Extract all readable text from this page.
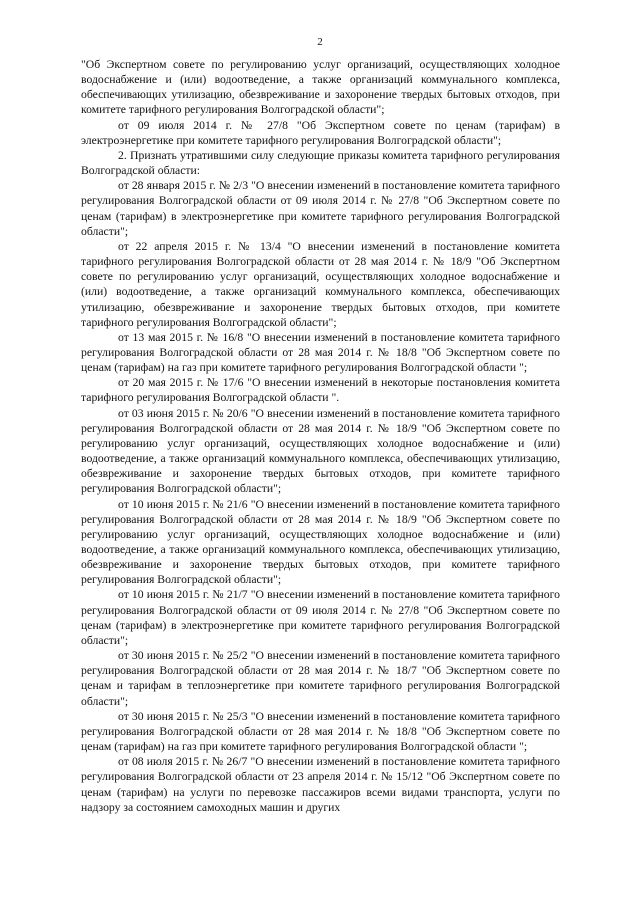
2

"Об Экспертном совете по регулированию услуг организаций, осуществляющих холодное водоснабжение и (или) водоотведение, а также организаций коммунального комплекса, обеспечивающих утилизацию, обезвреживание и захоронение твердых бытовых отходов, при комитете тарифного регулирования Волгоградской области";

от 09 июля 2014 г. № 27/8 "Об Экспертном совете по ценам (тарифам) в электроэнергетике при комитете тарифного регулирования Волгоградской области";

2. Признать утратившими силу следующие приказы комитета тарифного регулирования Волгоградской области:

от 28 января 2015 г. № 2/3 "О внесении изменений в постановление комитета тарифного регулирования Волгоградской области от 09 июля 2014 г. № 27/8 "Об Экспертном совете по ценам (тарифам) в электроэнергетике при комитете тарифного регулирования Волгоградской области";

от 22 апреля 2015 г. № 13/4 "О внесении изменений в постановление комитета тарифного регулирования Волгоградской области от 28 мая 2014 г. № 18/9 "Об Экспертном совете по регулированию услуг организаций, осуществляющих холодное водоснабжение и (или) водоотведение, а также организаций коммунального комплекса, обеспечивающих утилизацию, обезвреживание и захоронение твердых бытовых отходов, при комитете тарифного регулирования Волгоградской области";

от 13 мая 2015 г. № 16/8 "О внесении изменений в постановление комитета тарифного регулирования Волгоградской области от 28 мая 2014 г. № 18/8 "Об Экспертном совете по ценам (тарифам) на газ при комитете тарифного регулирования Волгоградской области ";

от 20 мая 2015 г. № 17/6 "О внесении изменений в некоторые постановления комитета тарифного регулирования Волгоградской области ".

от 03 июня 2015 г. № 20/6 "О внесении изменений в постановление комитета тарифного регулирования Волгоградской области от 28 мая 2014 г. № 18/9 "Об Экспертном совете по регулированию услуг организаций, осуществляющих холодное водоснабжение и (или) водоотведение, а также организаций коммунального комплекса, обеспечивающих утилизацию, обезвреживание и захоронение твердых бытовых отходов, при комитете тарифного регулирования Волгоградской области";

от 10 июня 2015 г. № 21/6 "О внесении изменений в постановление комитета тарифного регулирования Волгоградской области от 28 мая 2014 г. № 18/9 "Об Экспертном совете по регулированию услуг организаций, осуществляющих холодное водоснабжение и (или) водоотведение, а также организаций коммунального комплекса, обеспечивающих утилизацию, обезвреживание и захоронение твердых бытовых отходов, при комитете тарифного регулирования Волгоградской области";

от 10 июня 2015 г. № 21/7 "О внесении изменений в постановление комитета тарифного регулирования Волгоградской области от 09 июля 2014 г. № 27/8 "Об Экспертном совете по ценам (тарифам) в электроэнергетике при комитете тарифного регулирования Волгоградской области";

от 30 июня 2015 г. № 25/2 "О внесении изменений в постановление комитета тарифного регулирования Волгоградской области от 28 мая 2014 г. № 18/7 "Об Экспертном совете по ценам и тарифам в теплоэнергетике при комитете тарифного регулирования Волгоградской области";

от 30 июня 2015 г. № 25/3 "О внесении изменений в постановление комитета тарифного регулирования Волгоградской области от 28 мая 2014 г. № 18/8 "Об Экспертном совете по ценам (тарифам) на газ при комитете тарифного регулирования Волгоградской области ";

от 08 июля 2015 г. № 26/7 "О внесении изменений в постановление комитета тарифного регулирования Волгоградской области от 23 апреля 2014 г. № 15/12 "Об Экспертном совете по ценам (тарифам) на услуги по перевозке пассажиров всеми видами транспорта, услуги по надзору за состоянием самоходных машин и других
